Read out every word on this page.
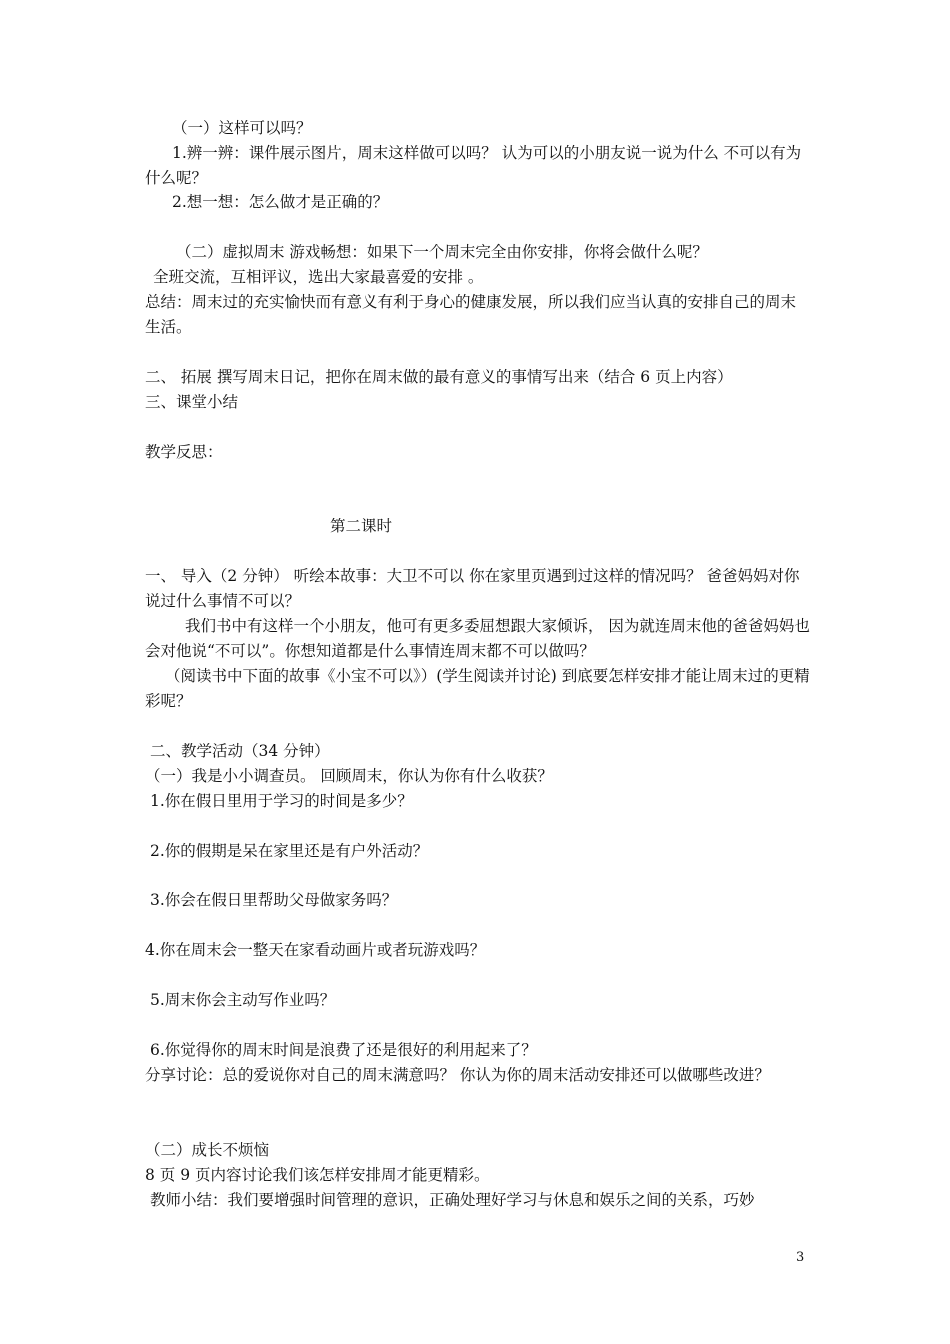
（一）这样可以吗？

1.辨一辨：课件展示图片，周末这样做可以吗？ 认为可以的小朋友说一说为什么 不可以有为什么呢？

2.想一想：怎么做才是正确的？

（二）虚拟周末 游戏畅想：如果下一个周末完全由你安排，你将会做什么呢？

全班交流，互相评议，选出大家最喜爱的安排 。

总结：周末过的充实愉快而有意义有利于身心的健康发展，所以我们应当认真的安排自己的周末生活。

二、 拓展 撰写周末日记，把你在周末做的最有意义的事情写出来（结合 6 页上内容）

三、课堂小结

教学反思：

第二课时

一、 导入（2 分钟） 听绘本故事：大卫不可以 你在家里页遇到过这样的情况吗？ 爸爸妈妈对你说过什么事情不可以？

我们书中有这样一个小朋友，他可有更多委屈想跟大家倾诉， 因为就连周末他的爸爸妈妈也会对他说“不可以”。你想知道都是什么事情连周末都不可以做吗？

（阅读书中下面的故事《小宝不可以》）(学生阅读并讨论) 到底要怎样安排才能让周末过的更精彩呢？

二、教学活动（34 分钟）

（一）我是小小调查员。 回顾周末，你认为你有什么收获？

1.你在假日里用于学习的时间是多少？

2.你的假期是呆在家里还是有户外活动？

3.你会在假日里帮助父母做家务吗？

4.你在周末会一整天在家看动画片或者玩游戏吗？

5.周末你会主动写作业吗？

6.你觉得你的周末时间是浪费了还是很好的利用起来了？

分享讨论：总的爱说你对自己的周末满意吗？ 你认为你的周末活动安排还可以做哪些改进？

（二）成长不烦恼

8 页 9 页内容讨论我们该怎样安排周才能更精彩。

教师小结：我们要增强时间管理的意识，正确处理好学习与休息和娱乐之间的关系，巧妙

3
